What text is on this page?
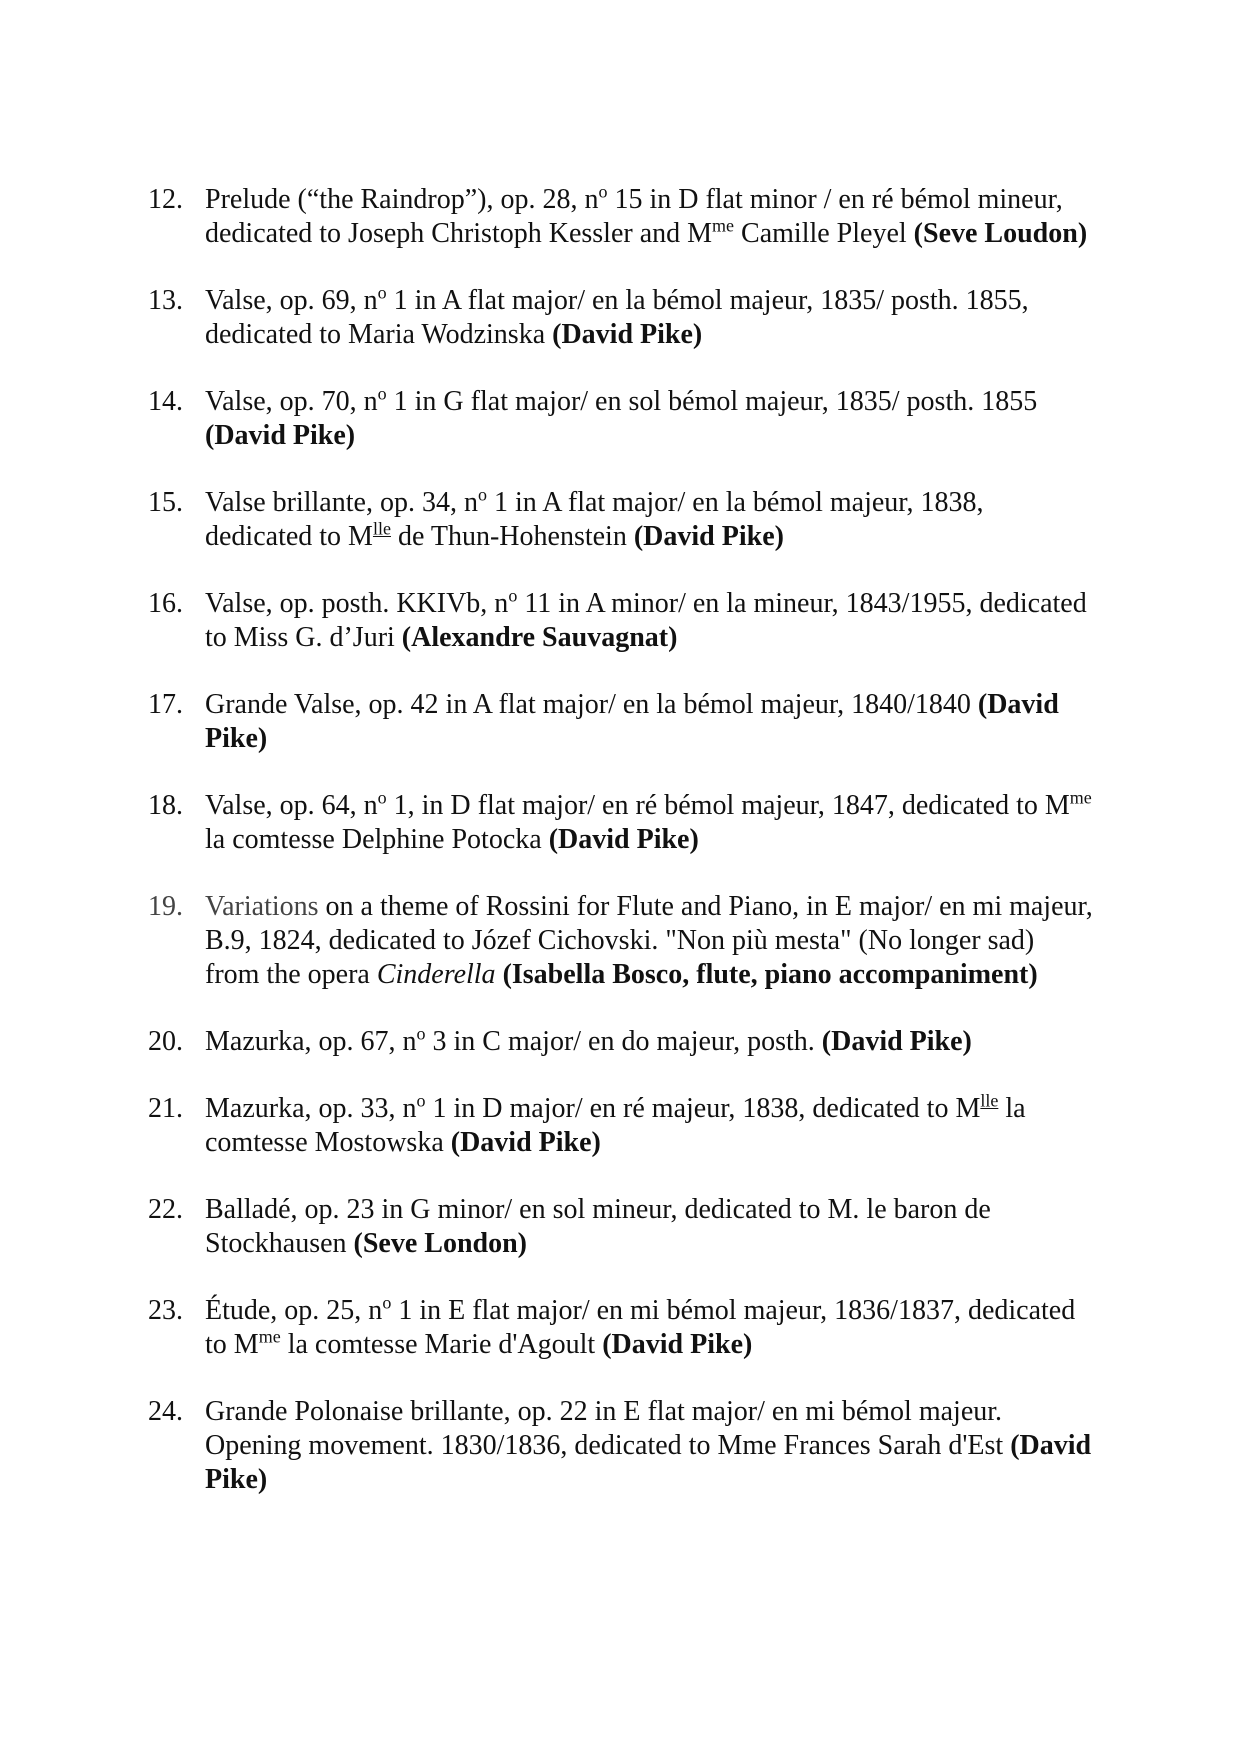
12. Prelude (“the Raindrop”), op. 28, $n^o$ 15 in D flat minor / en ré bémol mineur, dedicated to Joseph Christoph Kessler and $M^{me}$ Camille Pleyel (Seve Loudon)
13. Valse, op. 69, $n^o$ 1 in A flat major/ en la bémol majeur, 1835/ posth. 1855, dedicated to Maria Wodzinska (David Pike)
14. Valse, op. 70, $n^o$ 1 in G flat major/ en sol bémol majeur, 1835/ posth. 1855 (David Pike)
15. Valse brillante, op. 34, $n^o$ 1 in A flat major/ en la bémol majeur, 1838, dedicated to $M^{lle}$ de Thun-Hohenstein (David Pike)
16. Valse, op. posth. KKIVb, $n^o$ 11 in A minor/ en la mineur, 1843/1955, dedicated to Miss G. d’Juri (Alexandre Sauvagnat)
17. Grande Valse, op. 42 in A flat major/ en la bémol majeur, 1840/1840 (David Pike)
18. Valse, op. 64, $n^o$ 1, in D flat major/ en ré bémol majeur, 1847, dedicated to $M^{me}$ la comtesse Delphine Potocka (David Pike)
19. Variations on a theme of Rossini for Flute and Piano, in E major/ en mi majeur, B.9, 1824, dedicated to Józef Cichovski. "Non più mesta" (No longer sad) from the opera Cinderella (Isabella Bosco, flute, piano accompaniment)
20. Mazurka, op. 67, $n^o$ 3 in C major/ en do majeur, posth. (David Pike)
21. Mazurka, op. 33, $n^o$ 1 in D major/ en ré majeur, 1838, dedicated to $M^{lle}$ la comtesse Mostowska (David Pike)
22. Balladé, op. 23 in G minor/ en sol mineur, dedicated to M. le baron de Stockhausen (Seve London)
23. Étude, op. 25, $n^o$ 1 in E flat major/ en mi bémol majeur, 1836/1837, dedicated to $M^{me}$ la comtesse Marie d'Agoult (David Pike)
24. Grande Polonaise brillante, op. 22 in E flat major/ en mi bémol majeur. Opening movement. 1830/1836, dedicated to Mme Frances Sarah d'Est (David Pike)
